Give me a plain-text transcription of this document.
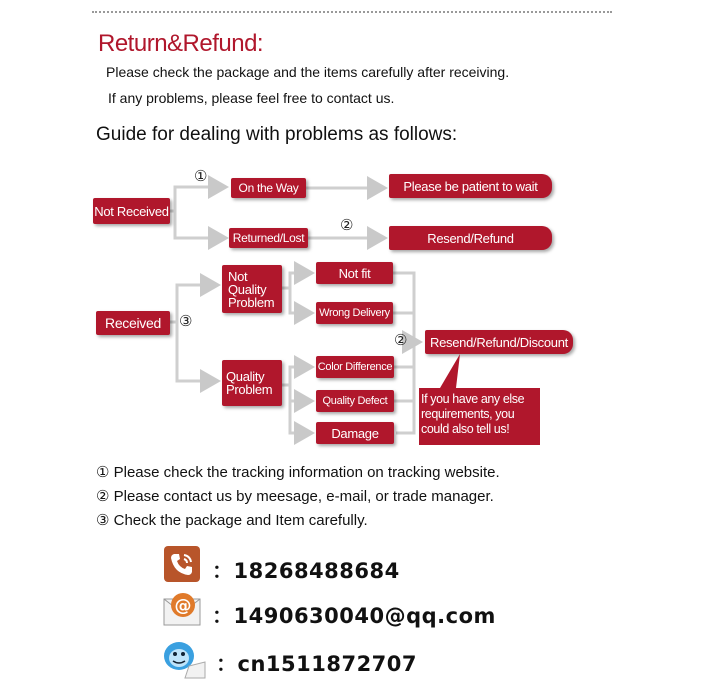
Return&Refund:
Please check the package and the items carefully after receiving.
If any problems, please feel free to contact us.
Guide for dealing with problems as follows:
Not Received
①
On the Way
Returned/Lost
Please be patient to wait
②
Resend/Refund
Received	③
Not Quality Problem
Quality Problem
Not fit
Wrong Delivery
Color Difference
Quality Defect
Damage
②	Resend/Refund/Discount
If you have any else requirements, you could also tell us!
① Please check the tracking information on tracking website.
② Please contact us by meesage, e-mail, or trade manager.
③ Check the package and Item carefully.
：18268488684
@ ：1490630040@qq.com
：cn1511872707
